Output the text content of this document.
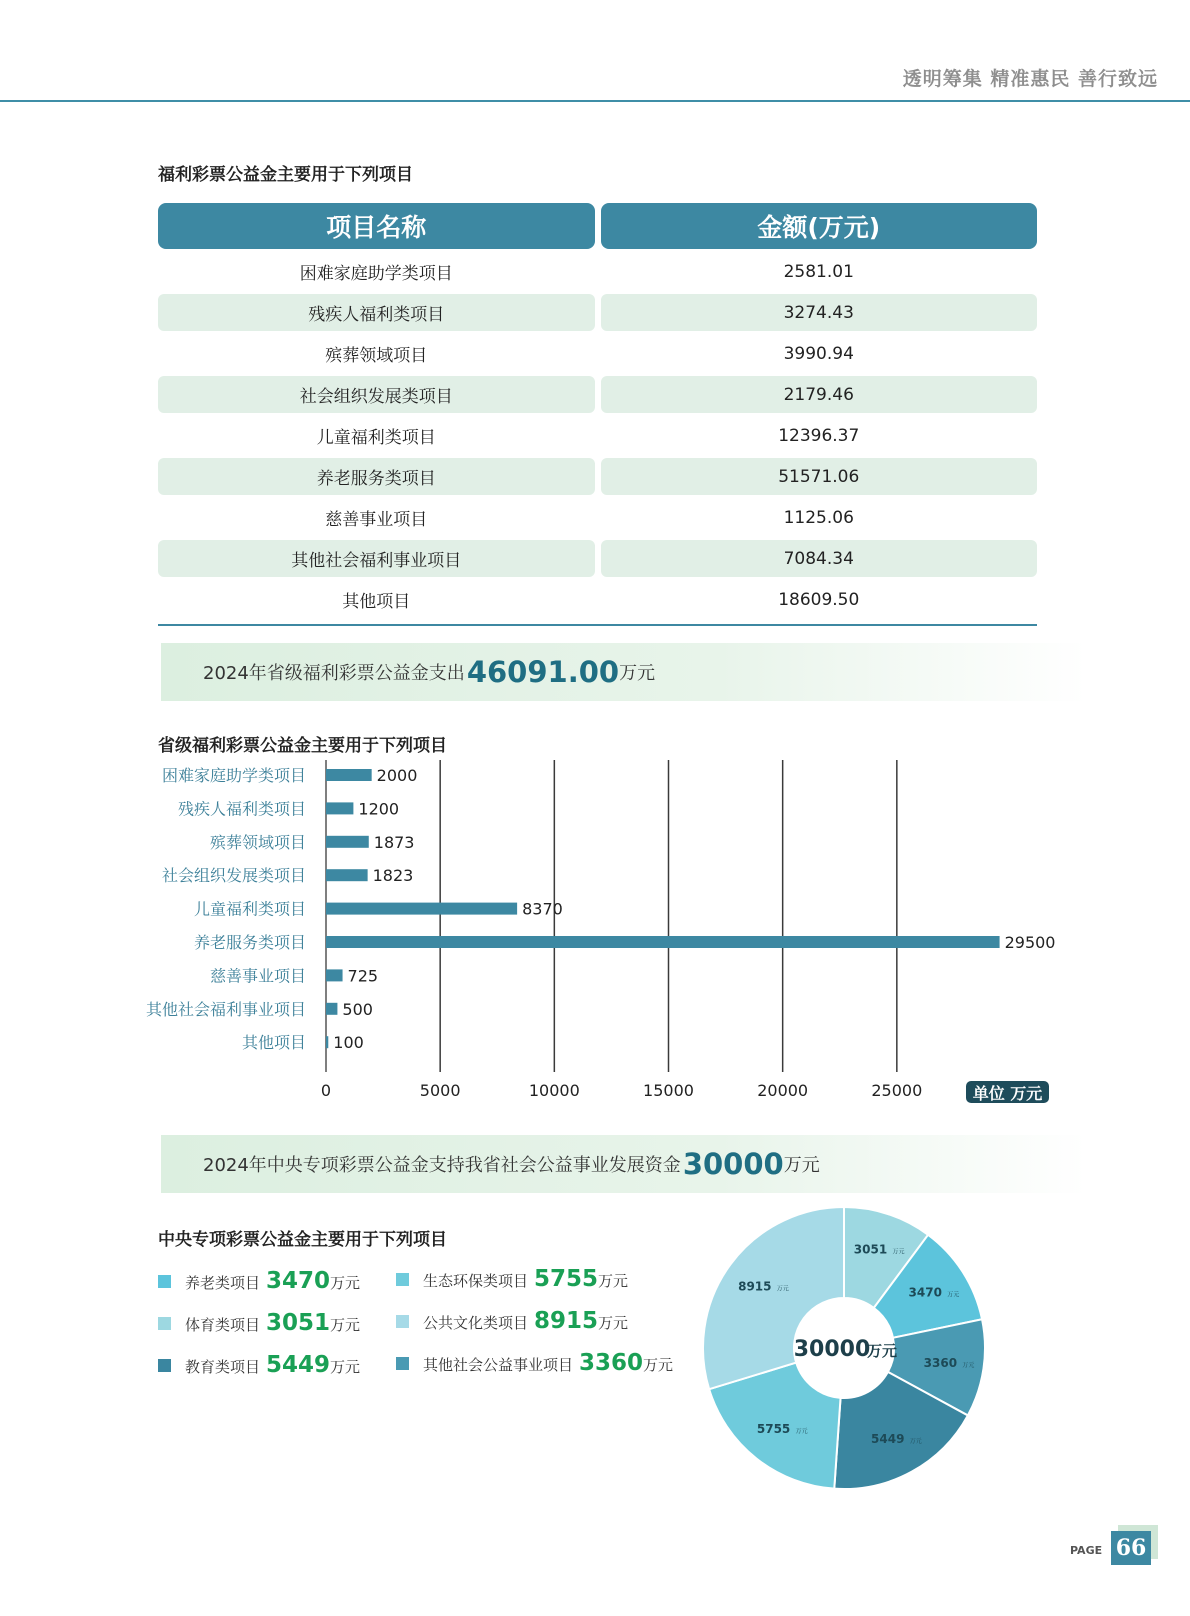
透明筹集 精准惠民 善行致远
福利彩票公益金主要用于下列项目
项目名称	金额(万元)
困难家庭助学类项目	2581.01
残疾人福利类项目	3274.43
殡葬领域项目	3990.94
社会组织发展类项目	2179.46
儿童福利类项目	12396.37
养老服务类项目	51571.06
慈善事业项目	1125.06
其他社会福利事业项目	7084.34
其他项目	18609.50
2024年省级福利彩票公益金支出 46091.00 万元
省级福利彩票公益金主要用于下列项目
0	5000	10000	15000	20000	25000
困难家庭助学类项目	2000
残疾人福利类项目	1200
殡葬领域项目	1873
社会组织发展类项目	1823
儿童福利类项目	8370
养老服务类项目	29500
慈善事业项目	725
其他社会福利事业项目 500
其他项目 100
单位 万元
2024年中央专项彩票公益金支持我省社会公益事业发展资金 30000 万元
中央专项彩票公益金主要用于下列项目
养老类项目 3470 万元
体育类项目 3051 万元
教育类项目 5449 万元
生态环保类项目 5755 万元
公共文化类项目 8915 万元
其他社会公益事业项目 3360 万元
3051 万元
3470 万元
3360 万元
5449 万元
5755 万元
8915 万元
30000
万元
PAGE 66
